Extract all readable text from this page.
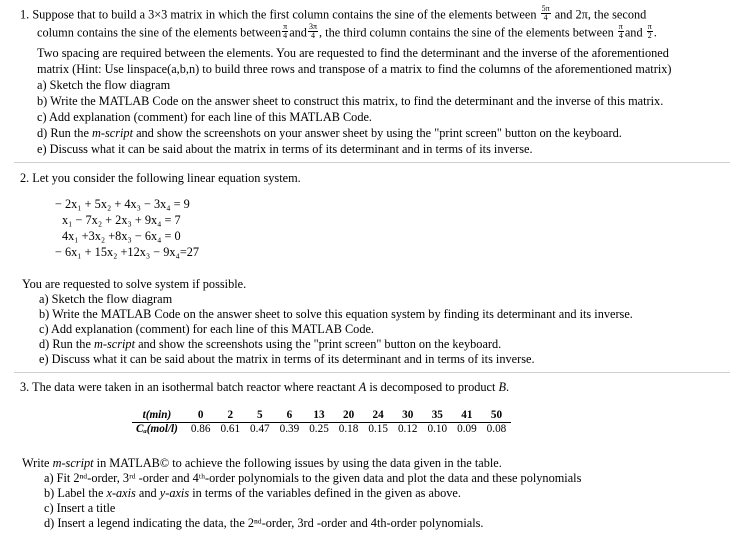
1. Suppose that to build a 3×3 matrix in which the first column contains the sine of the elements between $\frac{5\pi}{4}$ and 2π, the second
column contains the sine of the elements between $\frac{\pi}{4}$ and $\frac{3\pi}{4}$ , the third column contains the sine of the elements between $\frac{\pi}{4}$ and $\frac{\pi}{2}$ .
Two spacing are required between the elements. You are requested to find the determinant and the inverse of the aforementioned
matrix (Hint: Use linspace(a,b,n) to build three rows and transpose of a matrix to find the columns of the aforementioned matrix)
a) Sketch the flow diagram
b) Write the MATLAB Code on the answer sheet to construct this matrix, to find the determinant and the inverse of this matrix.
c) Add explanation (comment) for each line of this MATLAB Code.
d) Run the m-script and show the screenshots on your answer sheet by using the "print screen" button on the keyboard.
e) Discuss what it can be said about the matrix in terms of its determinant and in terms of its inverse.
2. Let you consider the following linear equation system.
− 2x₁ + 5x₂ + 4x₃ − 3x₄ = 9
x₁ − 7x₂ + 2x₃ + 9x₄ = 7
4x₁ +3x₂ +8x₃ − 6x₄ = 0
− 6x₁ + 15x₂ +12x₃ − 9x₄=27
You are requested to solve system if possible.
a) Sketch the flow diagram
b) Write the MATLAB Code on the answer sheet to solve this equation system by finding its determinant and its inverse.
c) Add explanation (comment) for each line of this MATLAB Code.
d) Run the m-script and show the screenshots using the "print screen" button on the keyboard.
e) Discuss what it can be said about the matrix in terms of its determinant and in terms of its inverse.
3. The data were taken in an isothermal batch reactor where reactant A is decomposed to product B.
t(min)	0	2	5	6	13	20	24	30	35	41	50
Cₐ(mol/l)	0.86	0.61	0.47	0.39	0.25	0.18	0.15	0.12	0.10	0.09	0.08
Write m-script in MATLAB© to achieve the following issues by using the data given in the table.
a) Fit 2ⁿᵈ-order, 3ʳᵈ -order and 4ᵗʰ-order polynomials to the given data and plot the data and these polynomials
b) Label the x-axis and y-axis in terms of the variables defined in the given as above.
c) Insert a title
d) Insert a legend indicating the data, the 2ⁿᵈ-order, 3rd -order and 4th-order polynomials.
